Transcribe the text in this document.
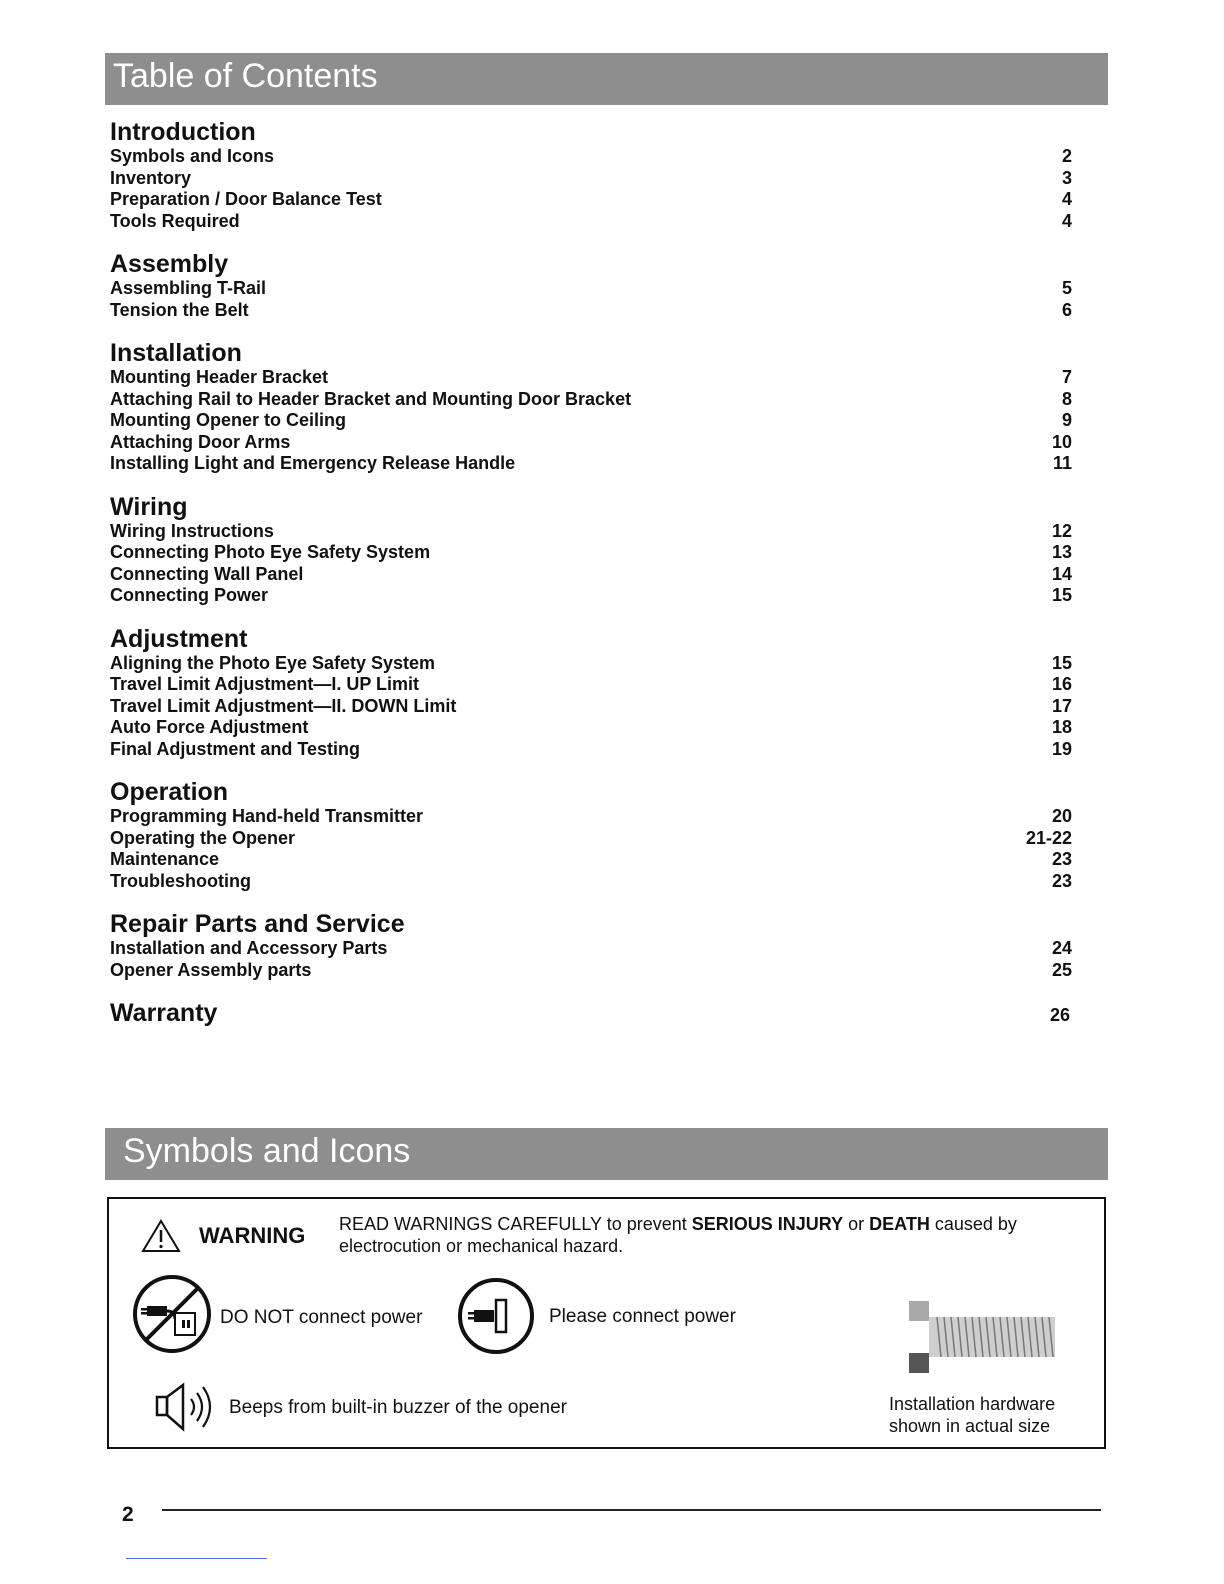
Table of Contents
Introduction
Symbols and Icons	2
Inventory	3
Preparation / Door Balance Test	4
Tools Required	4
Assembly
Assembling T-Rail	5
Tension the Belt	6
Installation
Mounting Header Bracket	7
Attaching Rail to Header Bracket and Mounting Door Bracket	8
Mounting Opener to Ceiling	9
Attaching Door Arms	10
Installing Light and Emergency Release Handle	11
Wiring
Wiring Instructions	12
Connecting Photo Eye Safety System	13
Connecting Wall Panel	14
Connecting Power	15
Adjustment
Aligning the Photo Eye Safety System	15
Travel Limit Adjustment—I. UP Limit	16
Travel Limit Adjustment—II. DOWN Limit	17
Auto Force Adjustment	18
Final Adjustment and Testing	19
Operation
Programming Hand-held Transmitter	20
Operating the Opener	21-22
Maintenance	23
Troubleshooting	23
Repair Parts and Service
Installation and Accessory Parts	24
Opener Assembly parts	25
Warranty	26
Symbols and Icons
WARNING READ WARNINGS CAREFULLY to prevent SERIOUS INJURY or DEATH caused by electrocution or mechanical hazard.
DO NOT connect power	Please connect power
Beeps from built-in buzzer of the opener	Installation hardware
shown in actual size
2
